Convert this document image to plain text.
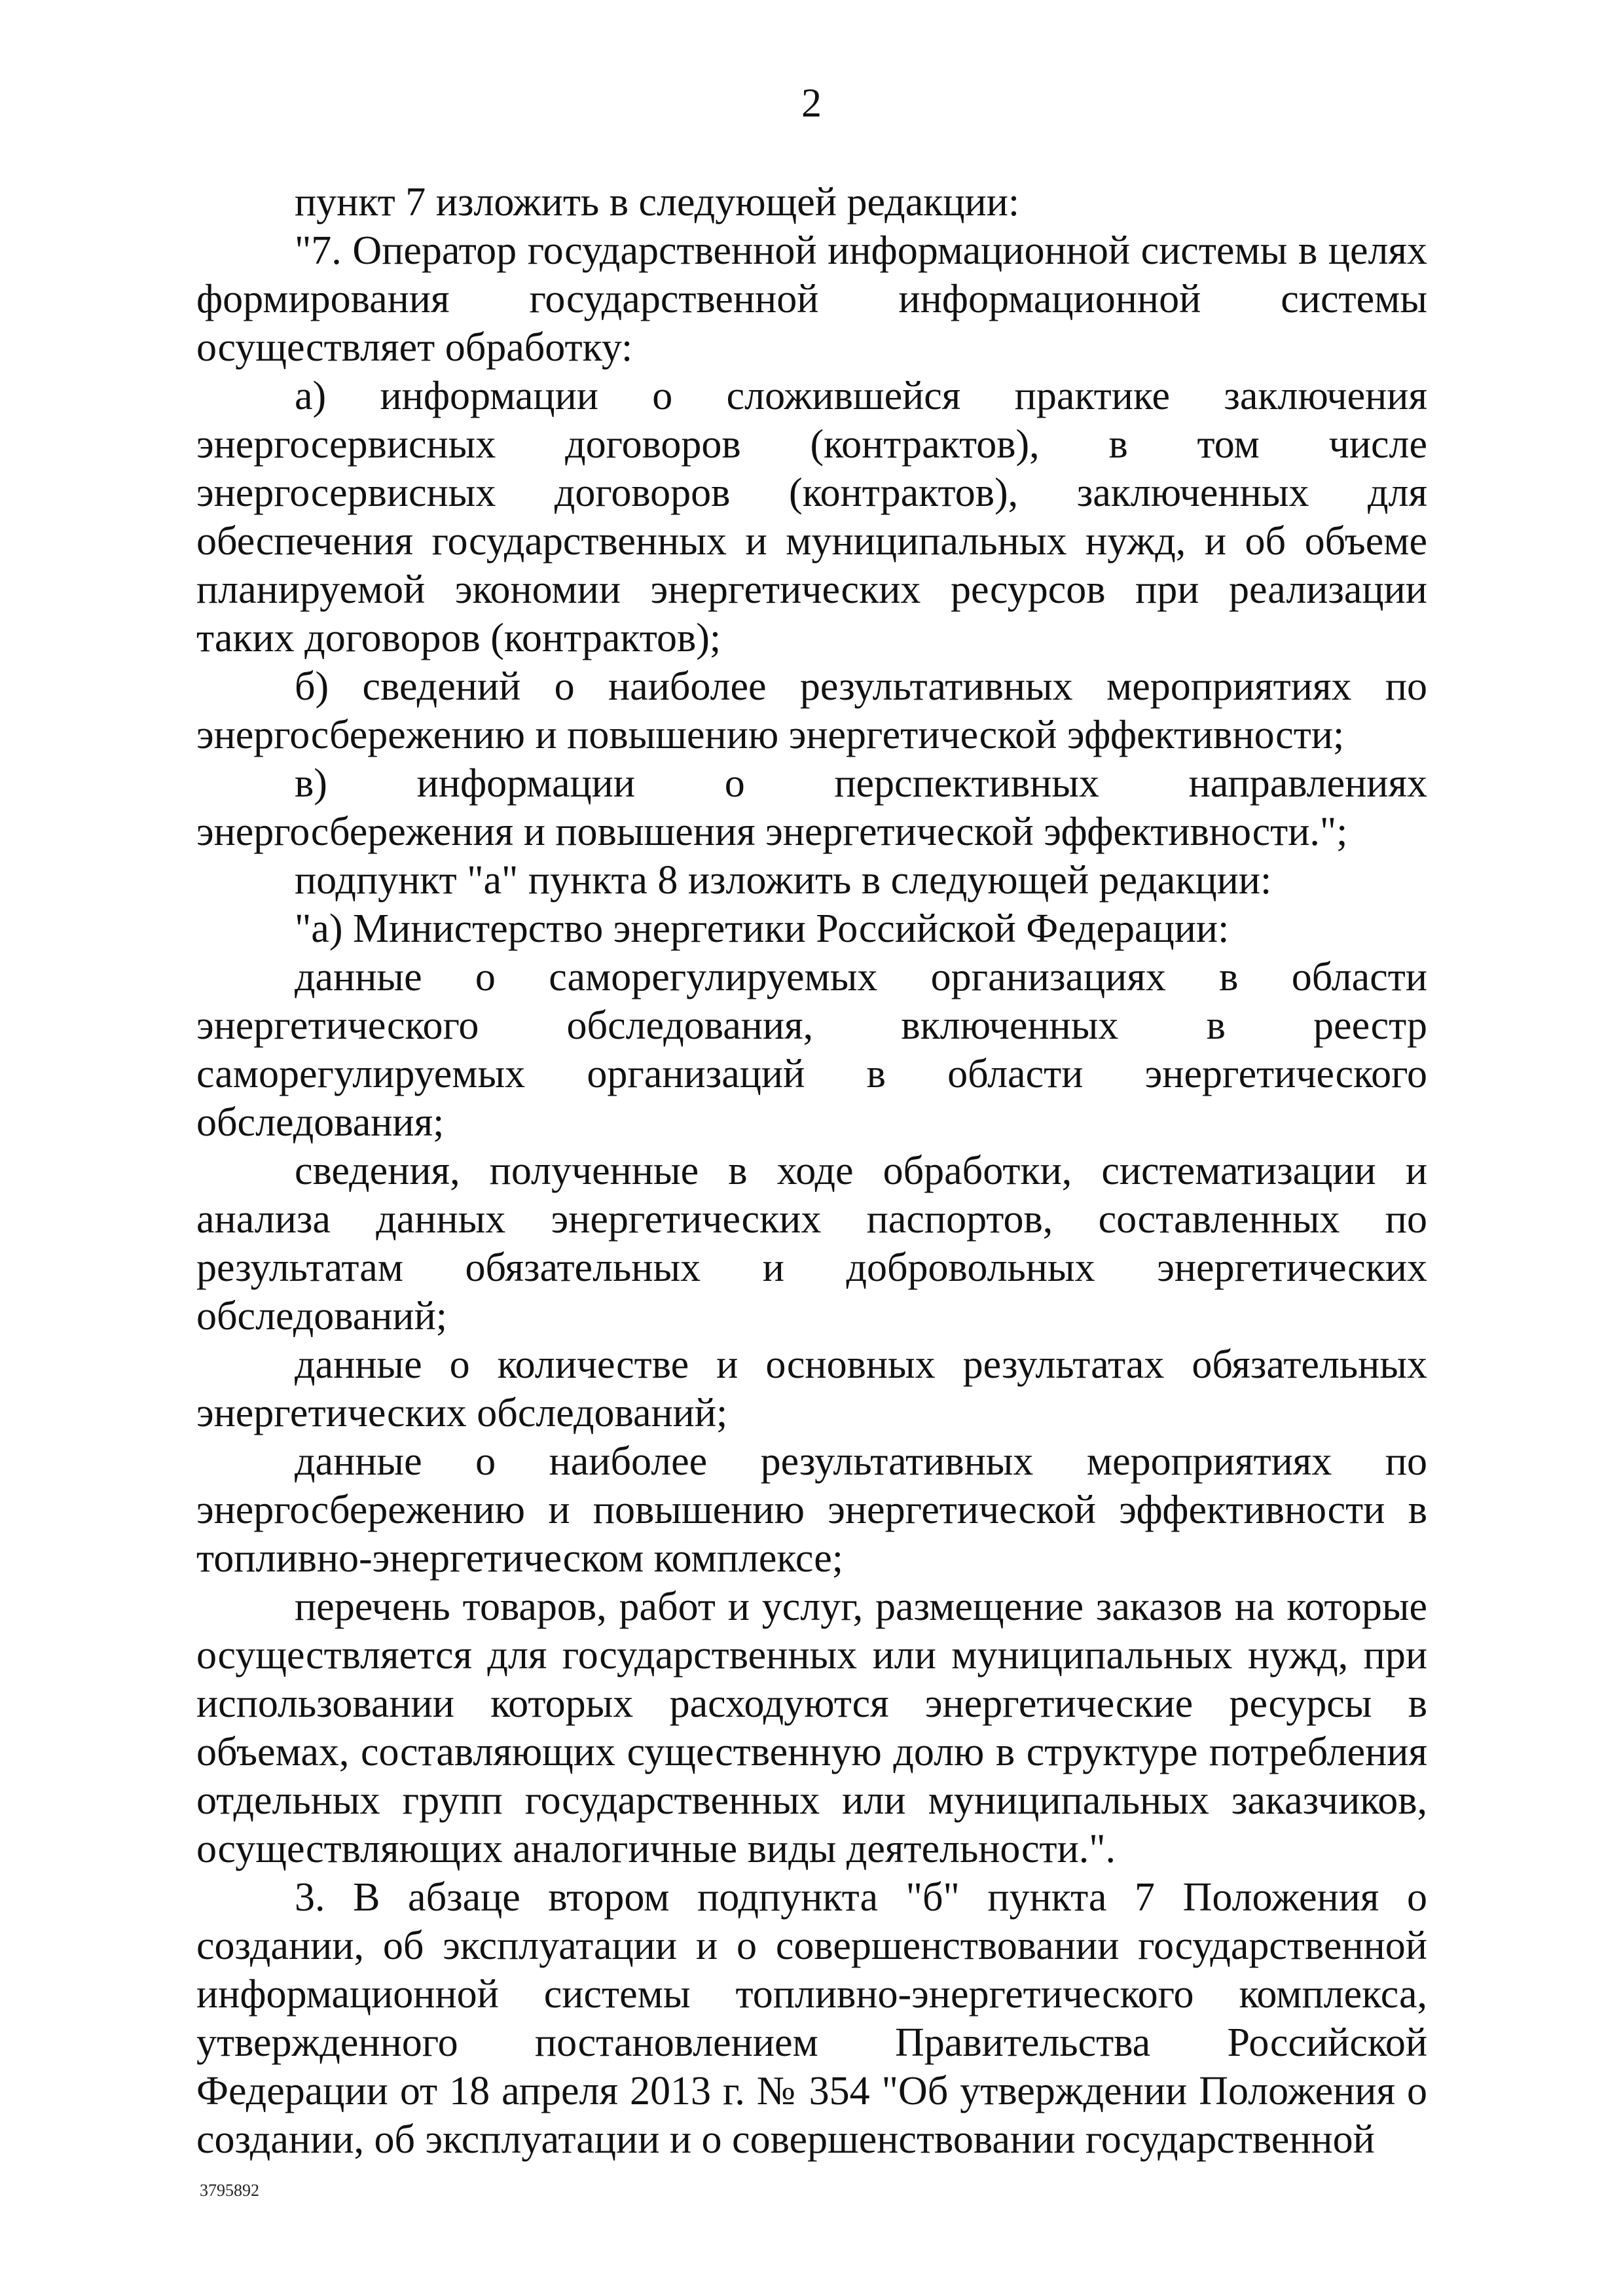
2

пункт 7 изложить в следующей редакции:

"7. Оператор государственной информационной системы в целях формирования государственной информационной системы осуществляет обработку:

а) информации о сложившейся практике заключения энергосервисных договоров (контрактов), в том числе энергосервисных договоров (контрактов), заключенных для обеспечения государственных и муниципальных нужд, и об объеме планируемой экономии энергетических ресурсов при реализации таких договоров (контрактов);

б) сведений о наиболее результативных мероприятиях по энергосбережению и повышению энергетической эффективности;

в) информации о перспективных направлениях энергосбережения и повышения энергетической эффективности.";

подпункт "а" пункта 8 изложить в следующей редакции:

"а) Министерство энергетики Российской Федерации:

данные о саморегулируемых организациях в области энергетического обследования, включенных в реестр саморегулируемых организаций в области энергетического обследования;

сведения, полученные в ходе обработки, систематизации и анализа данных энергетических паспортов, составленных по результатам обязательных и добровольных энергетических обследований;

данные о количестве и основных результатах обязательных энергетических обследований;

данные о наиболее результативных мероприятиях по энергосбережению и повышению энергетической эффективности в топливно-энергетическом комплексе;

перечень товаров, работ и услуг, размещение заказов на которые осуществляется для государственных или муниципальных нужд, при использовании которых расходуются энергетические ресурсы в объемах, составляющих существенную долю в структуре потребления отдельных групп государственных или муниципальных заказчиков, осуществляющих аналогичные виды деятельности.".

3. В абзаце втором подпункта "б" пункта 7 Положения о создании, об эксплуатации и о совершенствовании государственной информационной системы топливно-энергетического комплекса, утвержденного постановлением Правительства Российской Федерации от 18 апреля 2013 г. № 354 "Об утверждении Положения о создании, об эксплуатации и о совершенствовании государственной

3795892
